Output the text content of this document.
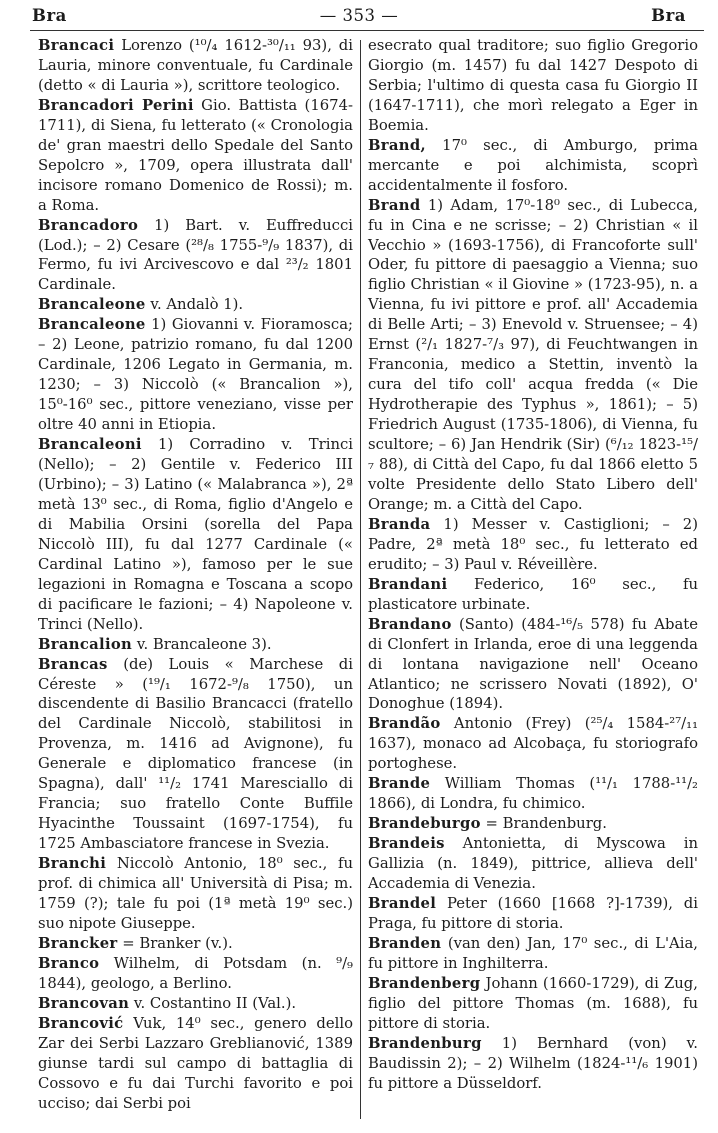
Bra	— 353 —	Bra

Brancaci Lorenzo (¹⁰/₄ 1612-³⁰/₁₁ 93), di Lauria, minore conventuale, fu Cardinale (detto « di Lauria »), scrittore teologico.

Brancadori Perini Gio. Battista (1674-1711), di Siena, fu letterato (« Cronologia de' gran maestri dello Spedale del Santo Sepolcro », 1709, opera illustrata dall' incisore romano Domenico de Rossi); m. a Roma.

Brancadoro 1) Bart. v. Euffreducci (Lod.); – 2) Cesare (²⁸/₈ 1755-⁹/₉ 1837), di Fermo, fu ivi Arcivescovo e dal ²³/₂ 1801 Cardinale.

Brancaleone v. Andalò 1).

Brancaleone 1) Giovanni v. Fioramosca; – 2) Leone, patrizio romano, fu dal 1200 Cardinale, 1206 Legato in Germania, m. 1230; – 3) Niccolò (« Brancalion »), 15⁰-16⁰ sec., pittore veneziano, visse per oltre 40 anni in Etiopia.

Brancaleoni 1) Corradino v. Trinci (Nello); – 2) Gentile v. Federico III (Urbino); – 3) Latino (« Malabranca »), 2ª metà 13⁰ sec., di Roma, figlio d'Angelo e di Mabilia Orsini (sorella del Papa Niccolò III), fu dal 1277 Cardinale (« Cardinal Latino »), famoso per le sue legazioni in Romagna e Toscana a scopo di pacificare le fazioni; – 4) Napoleone v. Trinci (Nello).

Brancalion v. Brancaleone 3).

Brancas (de) Louis « Marchese di Céreste » (¹⁹/₁ 1672-⁹/₈ 1750), un discendente di Basilio Brancacci (fratello del Cardinale Niccolò, stabilitosi in Provenza, m. 1416 ad Avignone), fu Generale e diplomatico francese (in Spagna), dall' ¹¹/₂ 1741 Maresciallo di Francia; suo fratello Conte Buffile Hyacinthe Toussaint (1697-1754), fu 1725 Ambasciatore francese in Svezia.

Branchi Niccolò Antonio, 18⁰ sec., fu prof. di chimica all' Università di Pisa; m. 1759 (?); tale fu poi (1ª metà 19⁰ sec.) suo nipote Giuseppe.

Brancker = Branker (v.).

Branco Wilhelm, di Potsdam (n. ⁹/₉ 1844), geologo, a Berlino.

Brancovan v. Costantino II (Val.).

Brancović Vuk, 14⁰ sec., genero dello Zar dei Serbi Lazzaro Greblianović, 1389 giunse tardi sul campo di battaglia di Cossovo e fu dai Turchi favorito e poi ucciso; dai Serbi poi

esecrato qual traditore; suo figlio Gregorio Giorgio (m. 1457) fu dal 1427 Despoto di Serbia; l'ultimo di questa casa fu Giorgio II (1647-1711), che morì relegato a Eger in Boemia.

Brand, 17⁰ sec., di Amburgo, prima mercante e poi alchimista, scoprì accidentalmente il fosforo.

Brand 1) Adam, 17⁰-18⁰ sec., di Lubecca, fu in Cina e ne scrisse; – 2) Christian « il Vecchio » (1693-1756), di Francoforte sull' Oder, fu pittore di paesaggio a Vienna; suo figlio Christian « il Giovine » (1723-95), n. a Vienna, fu ivi pittore e prof. all' Accademia di Belle Arti; – 3) Enevold v. Struensee; – 4) Ernst (²/₁ 1827-⁷/₃ 97), di Feuchtwangen in Franconia, medico a Stettin, inventò la cura del tifo coll' acqua fredda (« Die Hydrotherapie des Typhus », 1861); – 5) Friedrich August (1735-1806), di Vienna, fu scultore; – 6) Jan Hendrik (Sir) (⁶/₁₂ 1823-¹⁵/₇ 88), di Città del Capo, fu dal 1866 eletto 5 volte Presidente dello Stato Libero dell' Orange; m. a Città del Capo.

Branda 1) Messer v. Castiglioni; – 2) Padre, 2ª metà 18⁰ sec., fu letterato ed erudito; – 3) Paul v. Réveillère.

Brandani Federico, 16⁰ sec., fu plasticatore urbinate.

Brandano (Santo) (484-¹⁶/₅ 578) fu Abate di Clonfert in Irlanda, eroe di una leggenda di lontana navigazione nell' Oceano Atlantico; ne scrissero Novati (1892), O' Donoghue (1894).

Brandão Antonio (Frey) (²⁵/₄ 1584-²⁷/₁₁ 1637), monaco ad Alcobaça, fu storiografo portoghese.

Brande William Thomas (¹¹/₁ 1788-¹¹/₂ 1866), di Londra, fu chimico.

Brandeburgo = Brandenburg.

Brandeis Antonietta, di Myscowa in Gallizia (n. 1849), pittrice, allieva dell' Accademia di Venezia.

Brandel Peter (1660 [1668 ?]-1739), di Praga, fu pittore di storia.

Branden (van den) Jan, 17⁰ sec., di L'Aia, fu pittore in Inghilterra.

Brandenberg Johann (1660-1729), di Zug, figlio del pittore Thomas (m. 1688), fu pittore di storia.

Brandenburg 1) Bernhard (von) v. Baudissin 2); – 2) Wilhelm (1824-¹¹/₆ 1901) fu pittore a Düsseldorf.
